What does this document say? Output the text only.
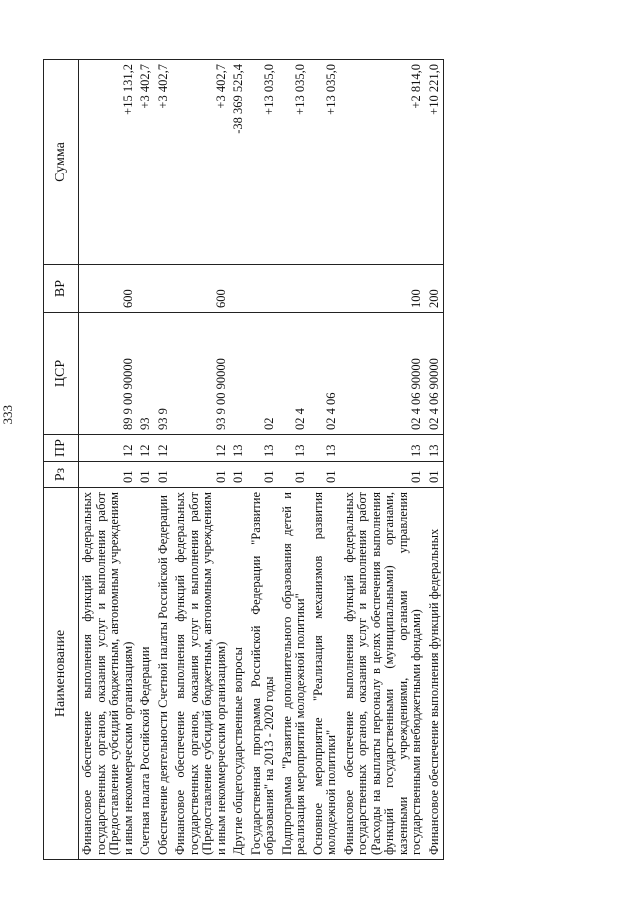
333
Наименование	Рз	ПР	ЦСР	ВР	Сумма
Финансовое обеспечение выполнения функций федеральных государственных органов, оказания услуг и выполнения работ (Предоставление субсидий бюджетным, автономным учреждениям и иным некоммерческим организациям)	01	12	89 9 00 90000	600	+15 131,2
Счетная палата Российской Федерации	01	12	93		+3 402,7
Обеспечение деятельности Счетной палаты Российской Федерации	01	12	93 9		+3 402,7
Финансовое обеспечение выполнения функций федеральных государственных органов, оказания услуг и выполнения работ (Предоставление субсидий бюджетным, автономным учреждениям и иным некоммерческим организациям)	01	12	93 9 00 90000	600	+3 402,7
Другие общегосударственные вопросы	01	13			-38 369 525,4
Государственная программа Российской Федерации "Развитие образования" на 2013 - 2020 годы	01	13	02		+13 035,0
Подпрограмма "Развитие дополнительного образования детей и реализация мероприятий молодежной политики"	01	13	02 4		+13 035,0
Основное мероприятие "Реализация механизмов развития молодежной политики"	01	13	02 4 06		+13 035,0
Финансовое обеспечение выполнения функций федеральных государственных органов, оказания услуг и выполнения работ (Расходы на выплаты персоналу в целях обеспечения выполнения функций государственными (муниципальными) органами, казенными учреждениями, органами управления государственными внебюджетными фондами)	01	13	02 4 06 90000	100	+2 814,0
Финансовое обеспечение выполнения функций федеральных	01	13	02 4 06 90000	200	+10 221,0
